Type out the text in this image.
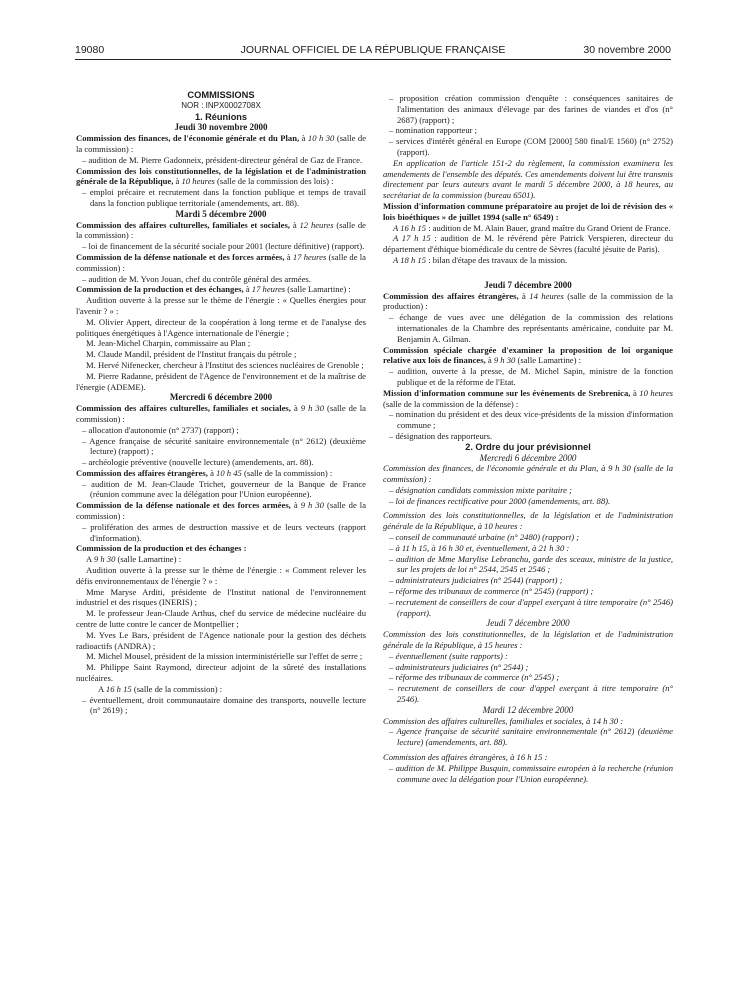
19080	JOURNAL OFFICIEL DE LA RÉPUBLIQUE FRANÇAISE	30 novembre 2000
COMMISSIONS
NOR : INPX0002708X
1. Réunions
Jeudi 30 novembre 2000
Commission des finances, de l'économie générale et du Plan, à 10 h 30 (salle de la commission) :
– audition de M. Pierre Gadonneix, président-directeur général de Gaz de France.
Commission des lois constitutionnelles, de la législation et de l'administration générale de la République, à 10 heures (salle de la commission des lois) :
– emploi précaire et recrutement dans la fonction publique et temps de travail dans la fonction publique territoriale (amendements, art. 88).
Mardi 5 décembre 2000
Commission des affaires culturelles, familiales et sociales, à 12 heures (salle de la commission) :
– loi de financement de la sécurité sociale pour 2001 (lecture définitive) (rapport).
Commission de la défense nationale et des forces armées, à 17 heures (salle de la commission) :
– audition de M. Yvon Jouan, chef du contrôle général des armées.
Commission de la production et des échanges, à 17 heures (salle Lamartine) :
Audition ouverte à la presse sur le thème de l'énergie : « Quelles énergies pour l'avenir ? » :
M. Olivier Appert, directeur de la coopération à long terme et de l'analyse des politiques énergétiques à l'Agence internationale de l'énergie ;
M. Jean-Michel Charpin, commissaire au Plan ;
M. Claude Mandil, président de l'Institut français du pétrole ;
M. Hervé Nifenecker, chercheur à l'Institut des sciences nucléaires de Grenoble ;
M. Pierre Radanne, président de l'Agence de l'environnement et de la maîtrise de l'énergie (ADEME).
Mercredi 6 décembre 2000
Commission des affaires culturelles, familiales et sociales, à 9 h 30 (salle de la commission) :
– allocation d'autonomie (n° 2737) (rapport) ;
– Agence française de sécurité sanitaire environnementale (n° 2612) (deuxième lecture) (rapport) ;
– archéologie préventive (nouvelle lecture) (amendements, art. 88).
Commission des affaires étrangères, à 10 h 45 (salle de la commission) :
– audition de M. Jean-Claude Trichet, gouverneur de la Banque de France (réunion commune avec la délégation pour l'Union européenne).
Commission de la défense nationale et des forces armées, à 9 h 30 (salle de la commission) :
– prolifération des armes de destruction massive et de leurs vecteurs (rapport d'information).
Commission de la production et des échanges :
A 9 h 30 (salle Lamartine) :
Audition ouverte à la presse sur le thème de l'énergie : « Comment relever les défis environnementaux de l'énergie ? » :
Mme Maryse Arditi, présidente de l'Institut national de l'environnement industriel et des risques (INERIS) ;
M. le professeur Jean-Claude Arthus, chef du service de médecine nucléaire du centre de lutte contre le cancer de Montpellier ;
M. Yves Le Bars, président de l'Agence nationale pour la gestion des déchets radioactifs (ANDRA) ;
M. Michel Mousel, président de la mission interministérielle sur l'effet de serre ;
M. Philippe Saint Raymond, directeur adjoint de la sûreté des installations nucléaires.
A 16 h 15 (salle de la commission) :
– éventuellement, droit communautaire domaine des transports, nouvelle lecture (n° 2619) ;
– proposition création commission d'enquête : conséquences sanitaires de l'alimentation des animaux d'élevage par des farines de viandes et d'os (n° 2687) (rapport) ;
– nomination rapporteur ;
– services d'intérêt général en Europe (COM [2000] 580 final/E 1560) (n° 2752) (rapport).
En application de l'article 151-2 du règlement, la commission examinera les amendements de l'ensemble des députés. Ces amendements doivent lui être transmis directement par leurs auteurs avant le mardi 5 décembre 2000, à 18 heures, au secrétariat de la commission (bureau 6501).
Mission d'information commune préparatoire au projet de loi de révision des « lois bioéthiques » de juillet 1994 (salle n° 6549) :
A 16 h 15 : audition de M. Alain Bauer, grand maître du Grand Orient de France.
A 17 h 15 : audition de M. le révérend père Patrick Verspieren, directeur du département d'éthique biomédicale du centre de Sèvres (faculté jésuite de Paris).
A 18 h 15 : bilan d'étape des travaux de la mission.
Jeudi 7 décembre 2000
Commission des affaires étrangères, à 14 heures (salle de la commission de la production) :
– échange de vues avec une délégation de la commission des relations internationales de la Chambre des représentants américaine, conduite par M. Benjamin A. Gilman.
Commission spéciale chargée d'examiner la proposition de loi organique relative aux lois de finances, à 9 h 30 (salle Lamartine) :
– audition, ouverte à la presse, de M. Michel Sapin, ministre de la fonction publique et de la réforme de l'Etat.
Mission d'information commune sur les événements de Srebrenica, à 10 heures (salle de la commission de la défense) :
– nomination du président et des deux vice-présidents de la mission d'information commune ;
– désignation des rapporteurs.
2. Ordre du jour prévisionnel
Mercredi 6 décembre 2000
Commission des finances, de l'économie générale et du Plan, à 9 h 30 (salle de la commission) :
– désignation candidats commission mixte paritaire ;
– loi de finances rectificative pour 2000 (amendements, art. 88).
Commission des lois constitutionnelles, de la législation et de l'administration générale de la République, à 10 heures :
– conseil de communauté urbaine (n° 2480) (rapport) ;
– à 11 h 15, à 16 h 30 et, éventuellement, à 21 h 30 :
– audition de Mme Marylise Lebranchu, garde des sceaux, ministre de la justice, sur les projets de loi n° 2544, 2545 et 2546 ;
– administrateurs judiciaires (n° 2544) (rapport) ;
– réforme des tribunaux de commerce (n° 2545) (rapport) ;
– recrutement de conseillers de cour d'appel exerçant à titre temporaire (n° 2546) (rapport).
Jeudi 7 décembre 2000
Commission des lois constitutionnelles, de la législation et de l'administration générale de la République, à 15 heures :
– éventuellement (suite rapports) :
– administrateurs judiciaires (n° 2544) ;
– réforme des tribunaux de commerce (n° 2545) ;
– recrutement de conseillers de cour d'appel exerçant à titre temporaire (n° 2546).
Mardi 12 décembre 2000
Commission des affaires culturelles, familiales et sociales, à 14 h 30 :
– Agence française de sécurité sanitaire environnementale (n° 2612) (deuxième lecture) (amendements, art. 88).
Commission des affaires étrangères, à 16 h 15 :
– audition de M. Philippe Busquin, commissaire européen à la recherche (réunion commune avec la délégation pour l'Union européenne).
